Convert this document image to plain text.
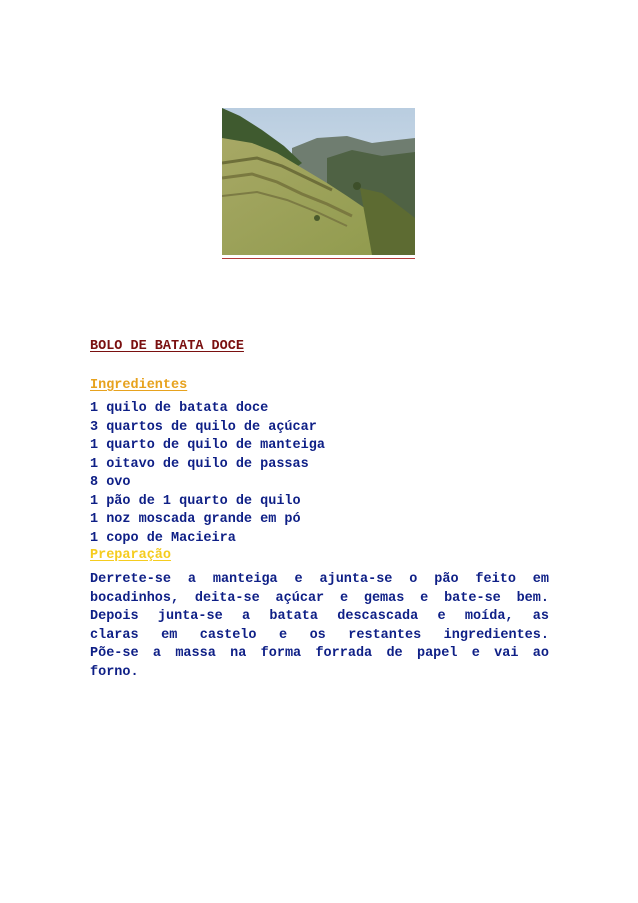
BOLO DE BATATA DOCE
Ingredientes
1 quilo de batata doce
3 quartos de quilo de açúcar
1 quarto de quilo de manteiga
1 oitavo de quilo de passas
8 ovo
1 pão de 1 quarto de quilo
1 noz moscada grande em pó
1 copo de Macieira
Preparação

Derrete-se a manteiga e ajunta-se o pão feito em
bocadinhos, deita-se açúcar e gemas e bate-se bem.
Depois junta-se a batata descascada e moída, as
claras em castelo e os restantes ingredientes.
Põe-se a massa na forma forrada de papel e vai ao
forno.
